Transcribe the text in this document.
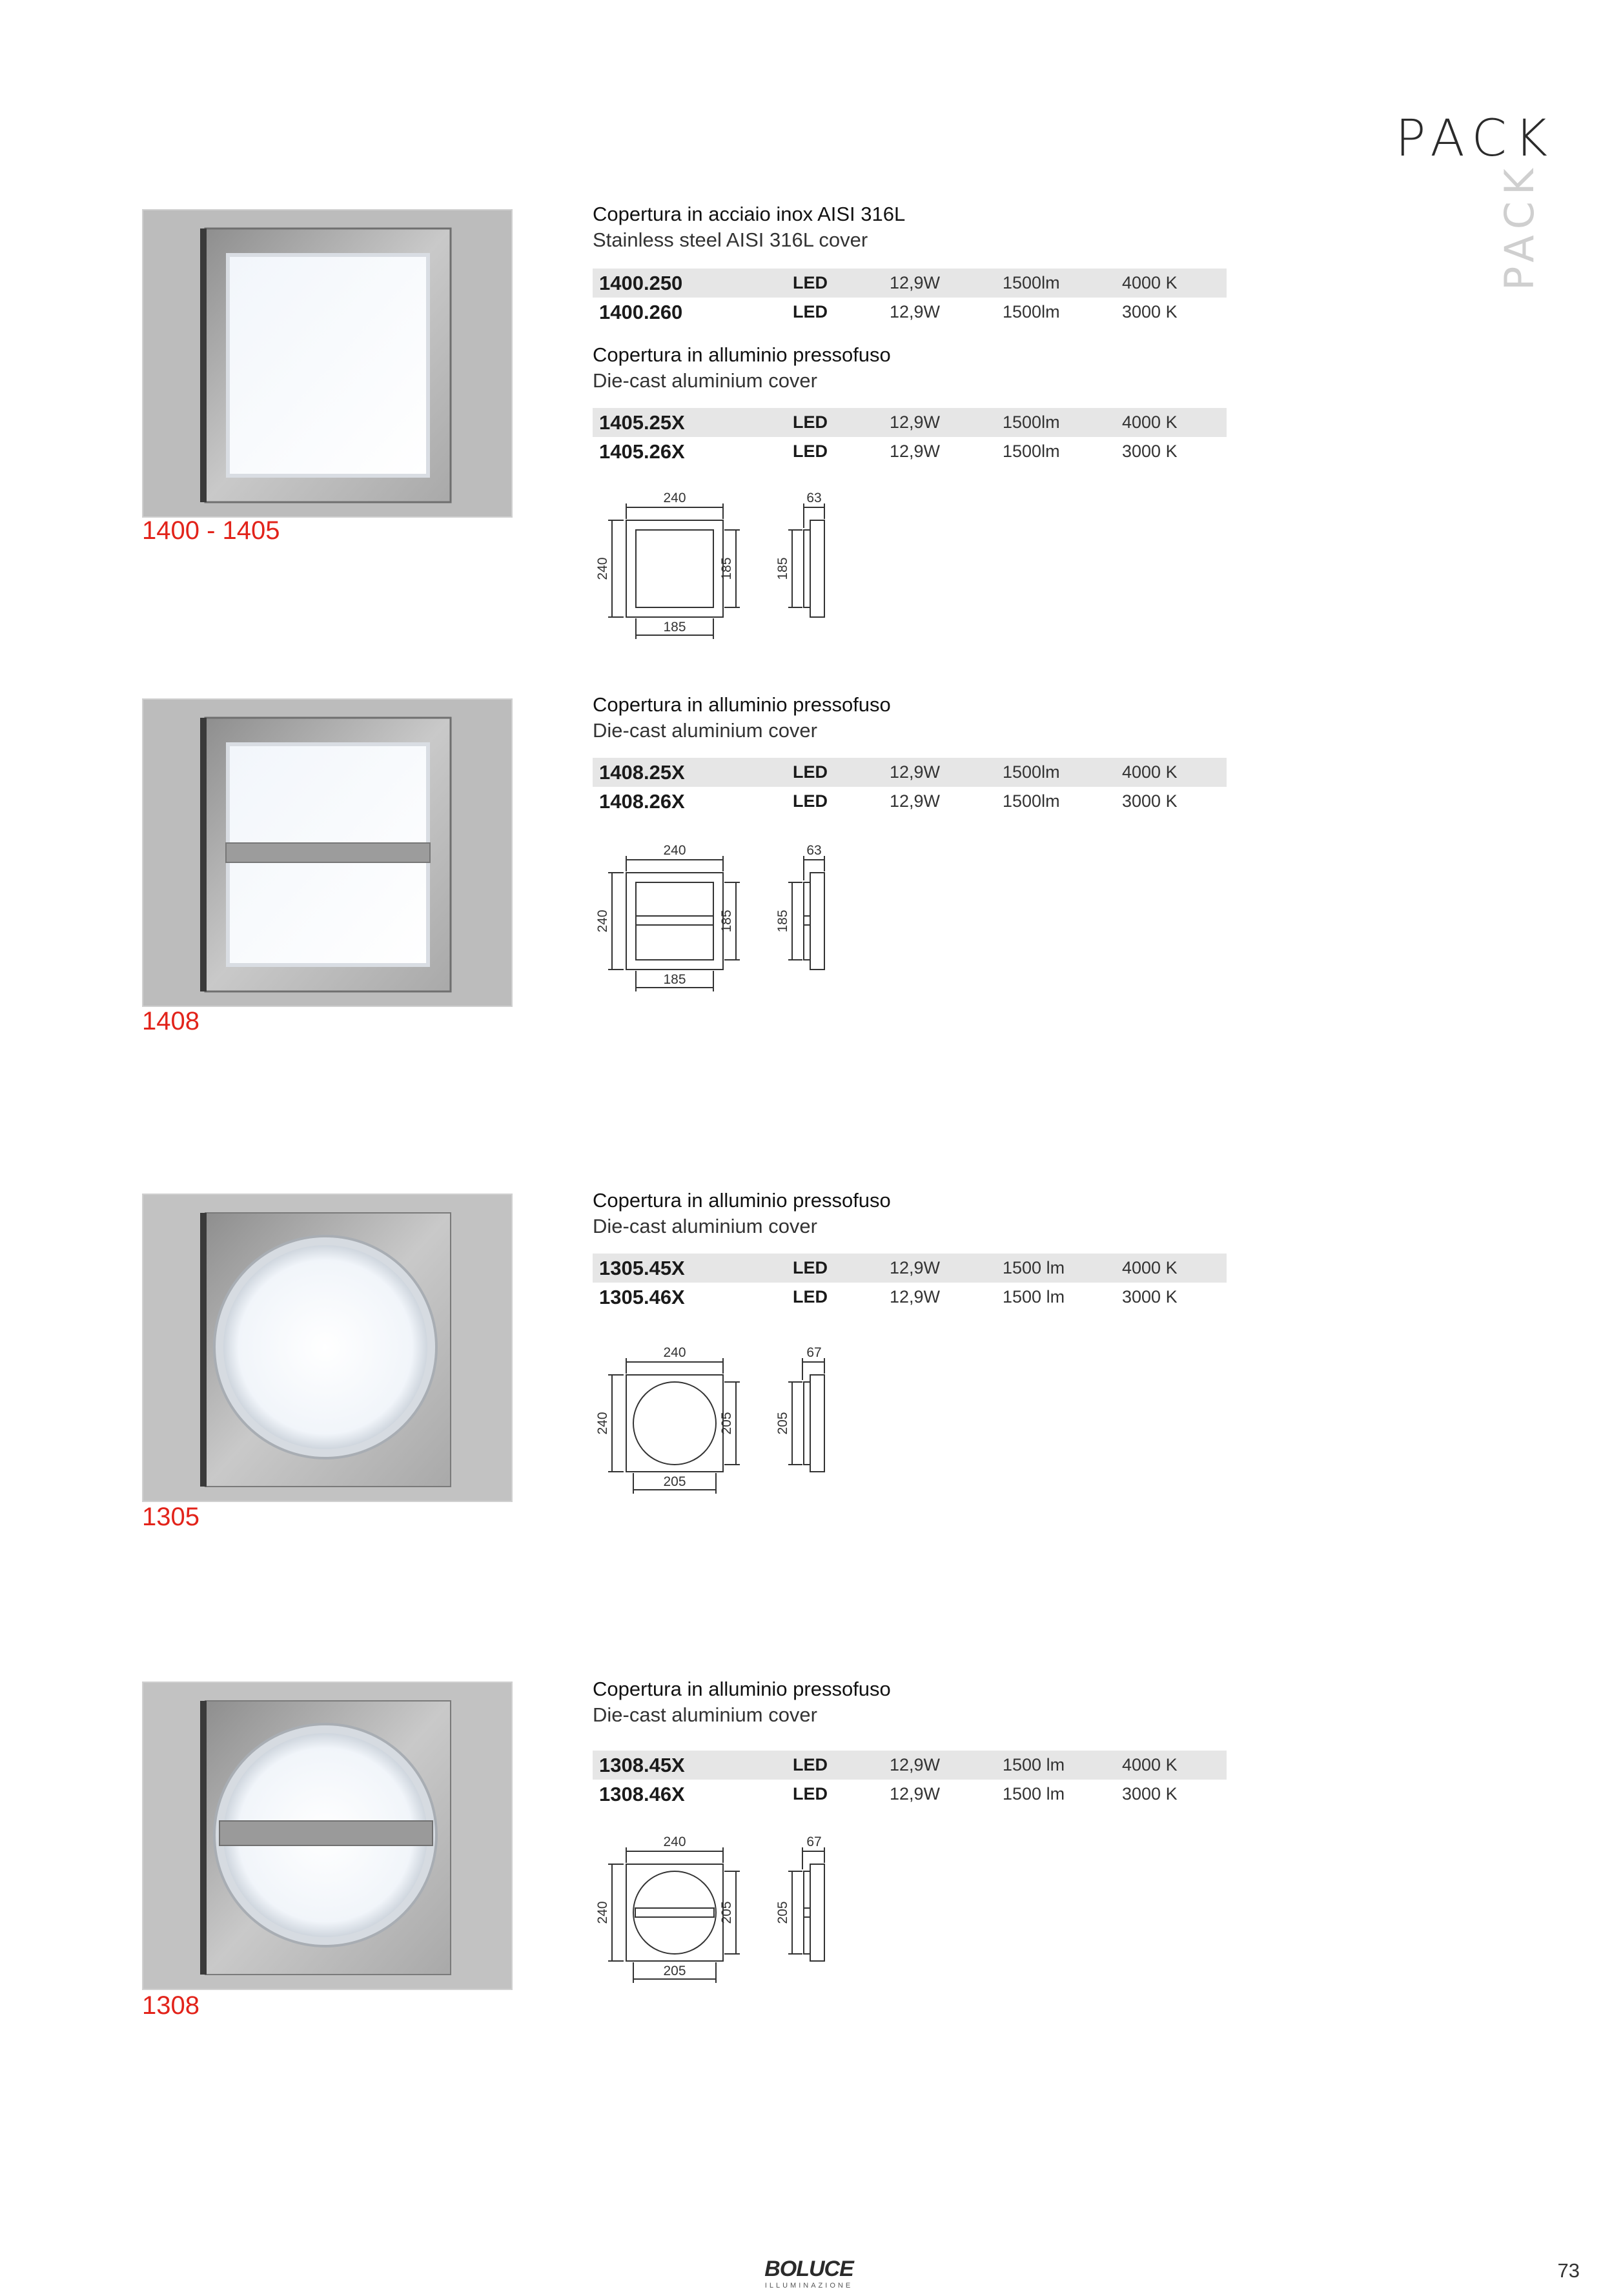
PACK
PACK
1400 - 1405
Copertura in acciaio inox AISI 316L
Stainless steel AISI 316L cover
1400.250	LED	12,9W	1500lm	4000 K
1400.260	LED	12,9W	1500lm	3000 K
Copertura in alluminio pressofuso
Die-cast aluminium cover
1405.25X	LED	12,9W	1500lm	4000 K
1405.26X	LED	12,9W	1500lm	3000 K
240
240
185
185
63
185
1408
Copertura in alluminio pressofuso
Die-cast aluminium cover
1408.25X	LED	12,9W	1500lm	4000 K
1408.26X	LED	12,9W	1500lm	3000 K
240
240
185
185
63
185
1305
Copertura in alluminio pressofuso
Die-cast aluminium cover
1305.45X	LED	12,9W	1500 lm	4000 K
1305.46X	LED	12,9W	1500 lm	3000 K
240
240
205
205
67
205
1308
Copertura in alluminio pressofuso
Die-cast aluminium cover
1308.45X	LED	12,9W	1500 lm	4000 K
1308.46X	LED	12,9W	1500 lm	3000 K
240
240
205
205
67
205
BOLUCE
ILLUMINAZIONE
73
